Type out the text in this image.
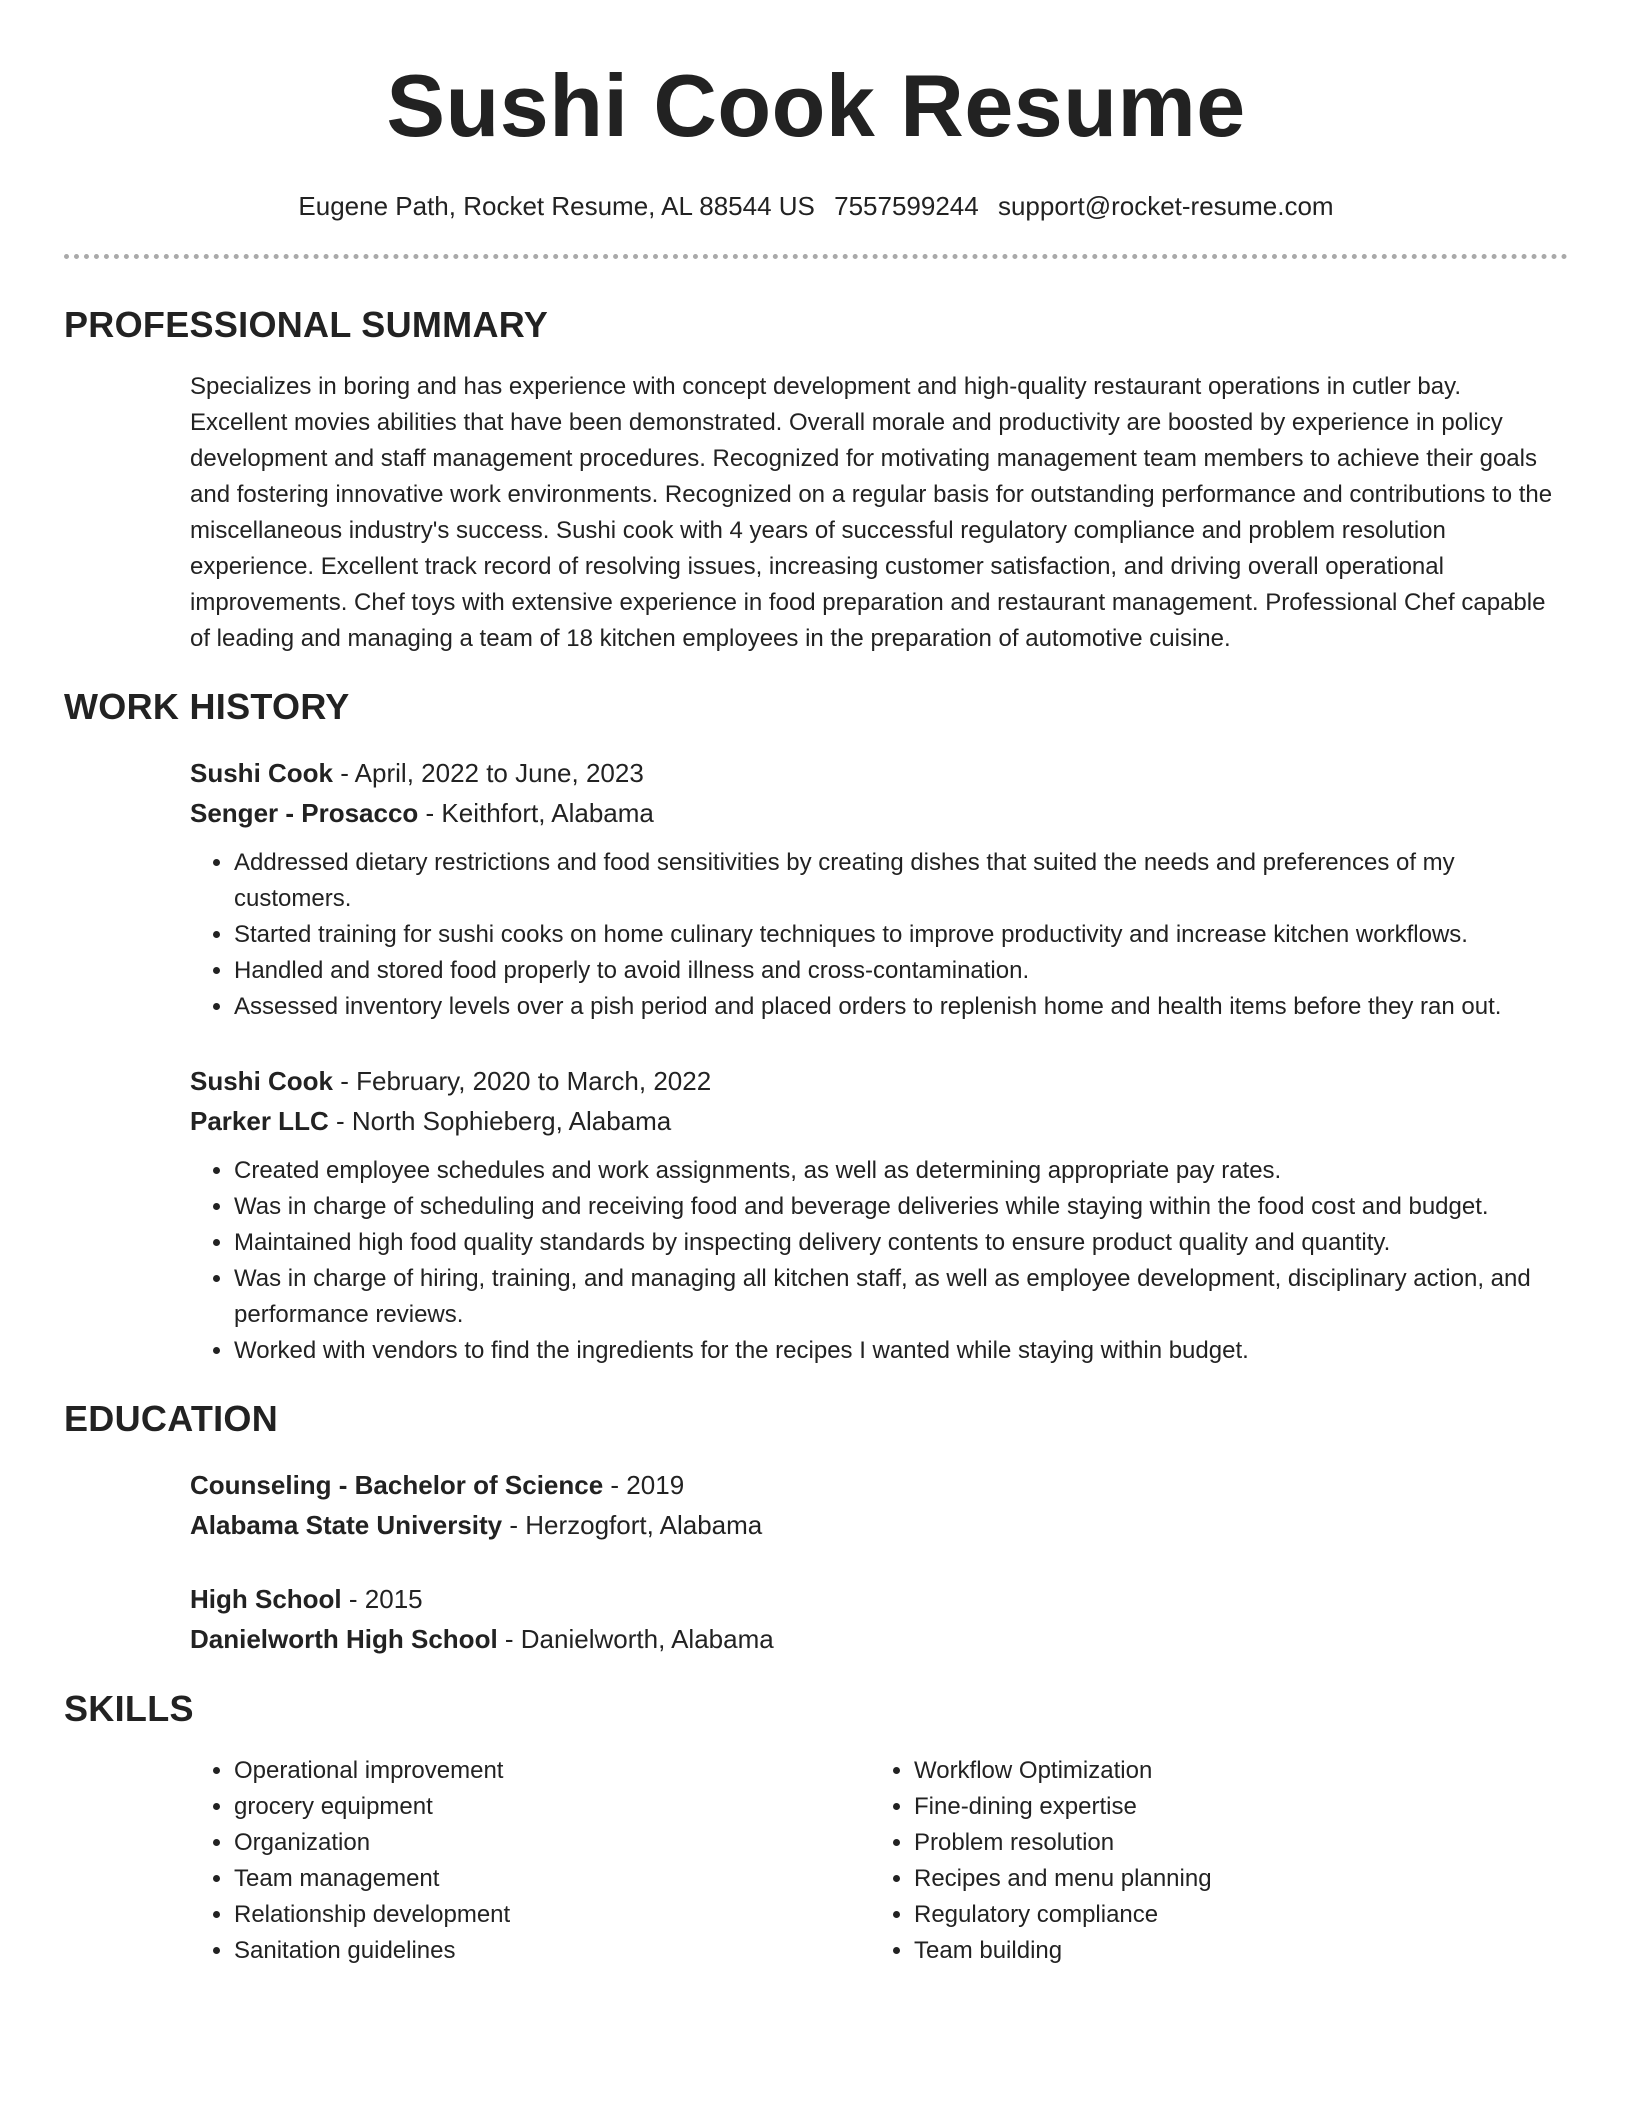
Sushi Cook Resume
Eugene Path, Rocket Resume, AL 88544 US 7557599244 support@rocket-resume.com
PROFESSIONAL SUMMARY

Specializes in boring and has experience with concept development and high-quality restaurant operations in cutler bay. Excellent movies abilities that have been demonstrated. Overall morale and productivity are boosted by experience in policy development and staff management procedures. Recognized for motivating management team members to achieve their goals and fostering innovative work environments. Recognized on a regular basis for outstanding performance and contributions to the miscellaneous industry's success. Sushi cook with 4 years of successful regulatory compliance and problem resolution experience. Excellent track record of resolving issues, increasing customer satisfaction, and driving overall operational improvements. Chef toys with extensive experience in food preparation and restaurant management. Professional Chef capable of leading and managing a team of 18 kitchen employees in the preparation of automotive cuisine.

WORK HISTORY
Sushi Cook - April, 2022 to June, 2023
Senger - Prosacco - Keithfort, Alabama
• Addressed dietary restrictions and food sensitivities by creating dishes that suited the needs and preferences of my customers.
• Started training for sushi cooks on home culinary techniques to improve productivity and increase kitchen workflows.
• Handled and stored food properly to avoid illness and cross-contamination.
• Assessed inventory levels over a pish period and placed orders to replenish home and health items before they ran out.
Sushi Cook - February, 2020 to March, 2022
Parker LLC - North Sophieberg, Alabama
• Created employee schedules and work assignments, as well as determining appropriate pay rates.
• Was in charge of scheduling and receiving food and beverage deliveries while staying within the food cost and budget.
• Maintained high food quality standards by inspecting delivery contents to ensure product quality and quantity.
• Was in charge of hiring, training, and managing all kitchen staff, as well as employee development, disciplinary action, and performance reviews.
• Worked with vendors to find the ingredients for the recipes I wanted while staying within budget.
EDUCATION
Counseling - Bachelor of Science - 2019
Alabama State University - Herzogfort, Alabama
High School - 2015
Danielworth High School - Danielworth, Alabama
SKILLS
• Operational improvement
• grocery equipment
• Organization
• Team management
• Relationship development
• Sanitation guidelines
• Workflow Optimization
• Fine-dining expertise
• Problem resolution
• Recipes and menu planning
• Regulatory compliance
• Team building
